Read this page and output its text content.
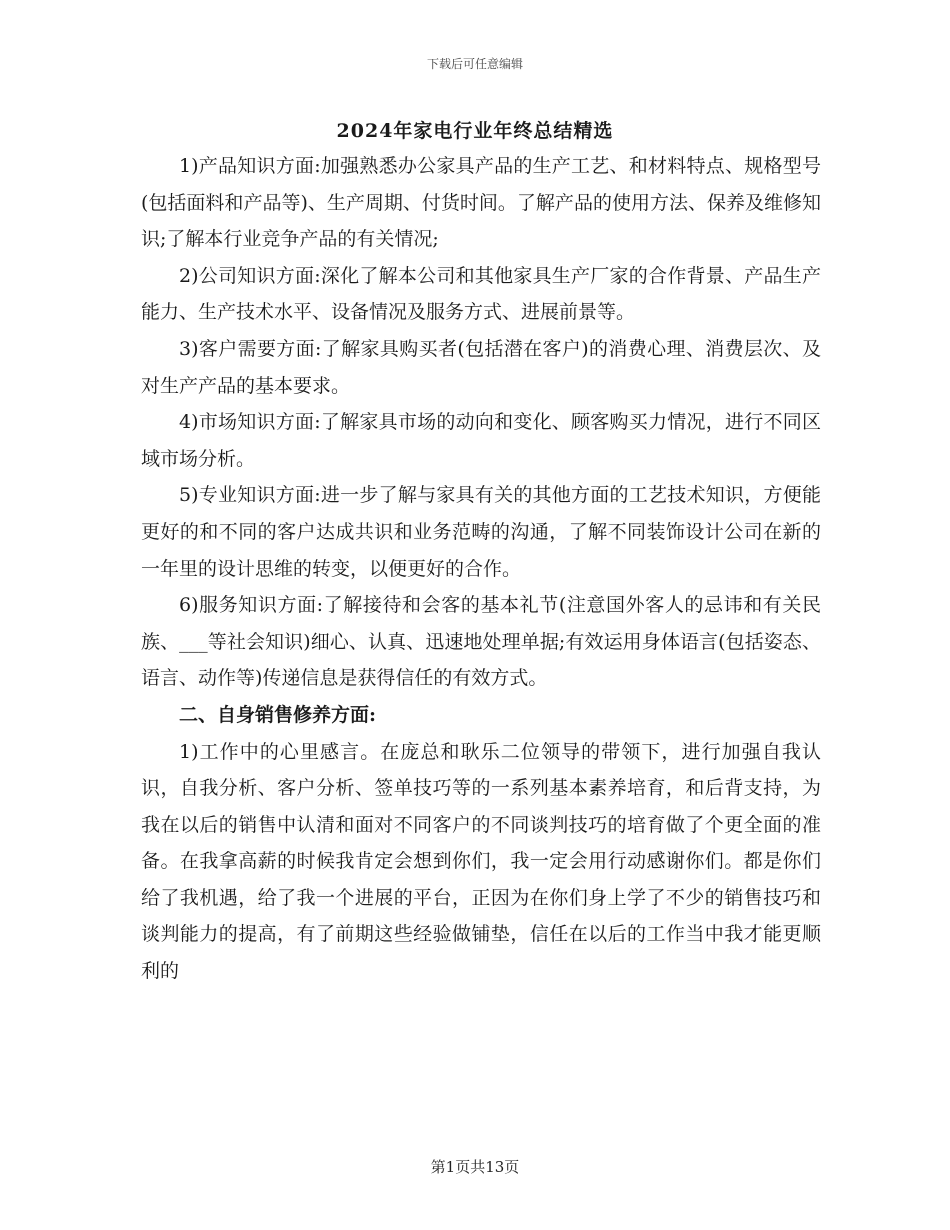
下载后可任意编辑
2024年家电行业年终总结精选

1)产品知识方面:加强熟悉办公家具产品的生产工艺、和材料特点、规格型号(包括面料和产品等)、生产周期、付货时间。了解产品的使用方法、保养及维修知识;了解本行业竞争产品的有关情况;

2)公司知识方面:深化了解本公司和其他家具生产厂家的合作背景、产品生产能力、生产技术水平、设备情况及服务方式、进展前景等。

3)客户需要方面:了解家具购买者(包括潜在客户)的消费心理、消费层次、及对生产产品的基本要求。

4)市场知识方面:了解家具市场的动向和变化、顾客购买力情况，进行不同区域市场分析。

5)专业知识方面:进一步了解与家具有关的其他方面的工艺技术知识，方便能更好的和不同的客户达成共识和业务范畴的沟通，了解不同装饰设计公司在新的一年里的设计思维的转变，以便更好的合作。

6)服务知识方面:了解接待和会客的基本礼节(注意国外客人的忌讳和有关民族、___等社会知识)细心、认真、迅速地处理单据;有效运用身体语言(包括姿态、语言、动作等)传递信息是获得信任的有效方式。

二、自身销售修养方面:

1)工作中的心里感言。在庞总和耿乐二位领导的带领下，进行加强自我认识，自我分析、客户分析、签单技巧等的一系列基本素养培育，和后背支持，为我在以后的销售中认清和面对不同客户的不同谈判技巧的培育做了个更全面的准备。在我拿高薪的时候我肯定会想到你们，我一定会用行动感谢你们。都是你们给了我机遇，给了我一个进展的平台，正因为在你们身上学了不少的销售技巧和谈判能力的提高，有了前期这些经验做铺垫，信任在以后的工作当中我才能更顺利的

第1页共13页
